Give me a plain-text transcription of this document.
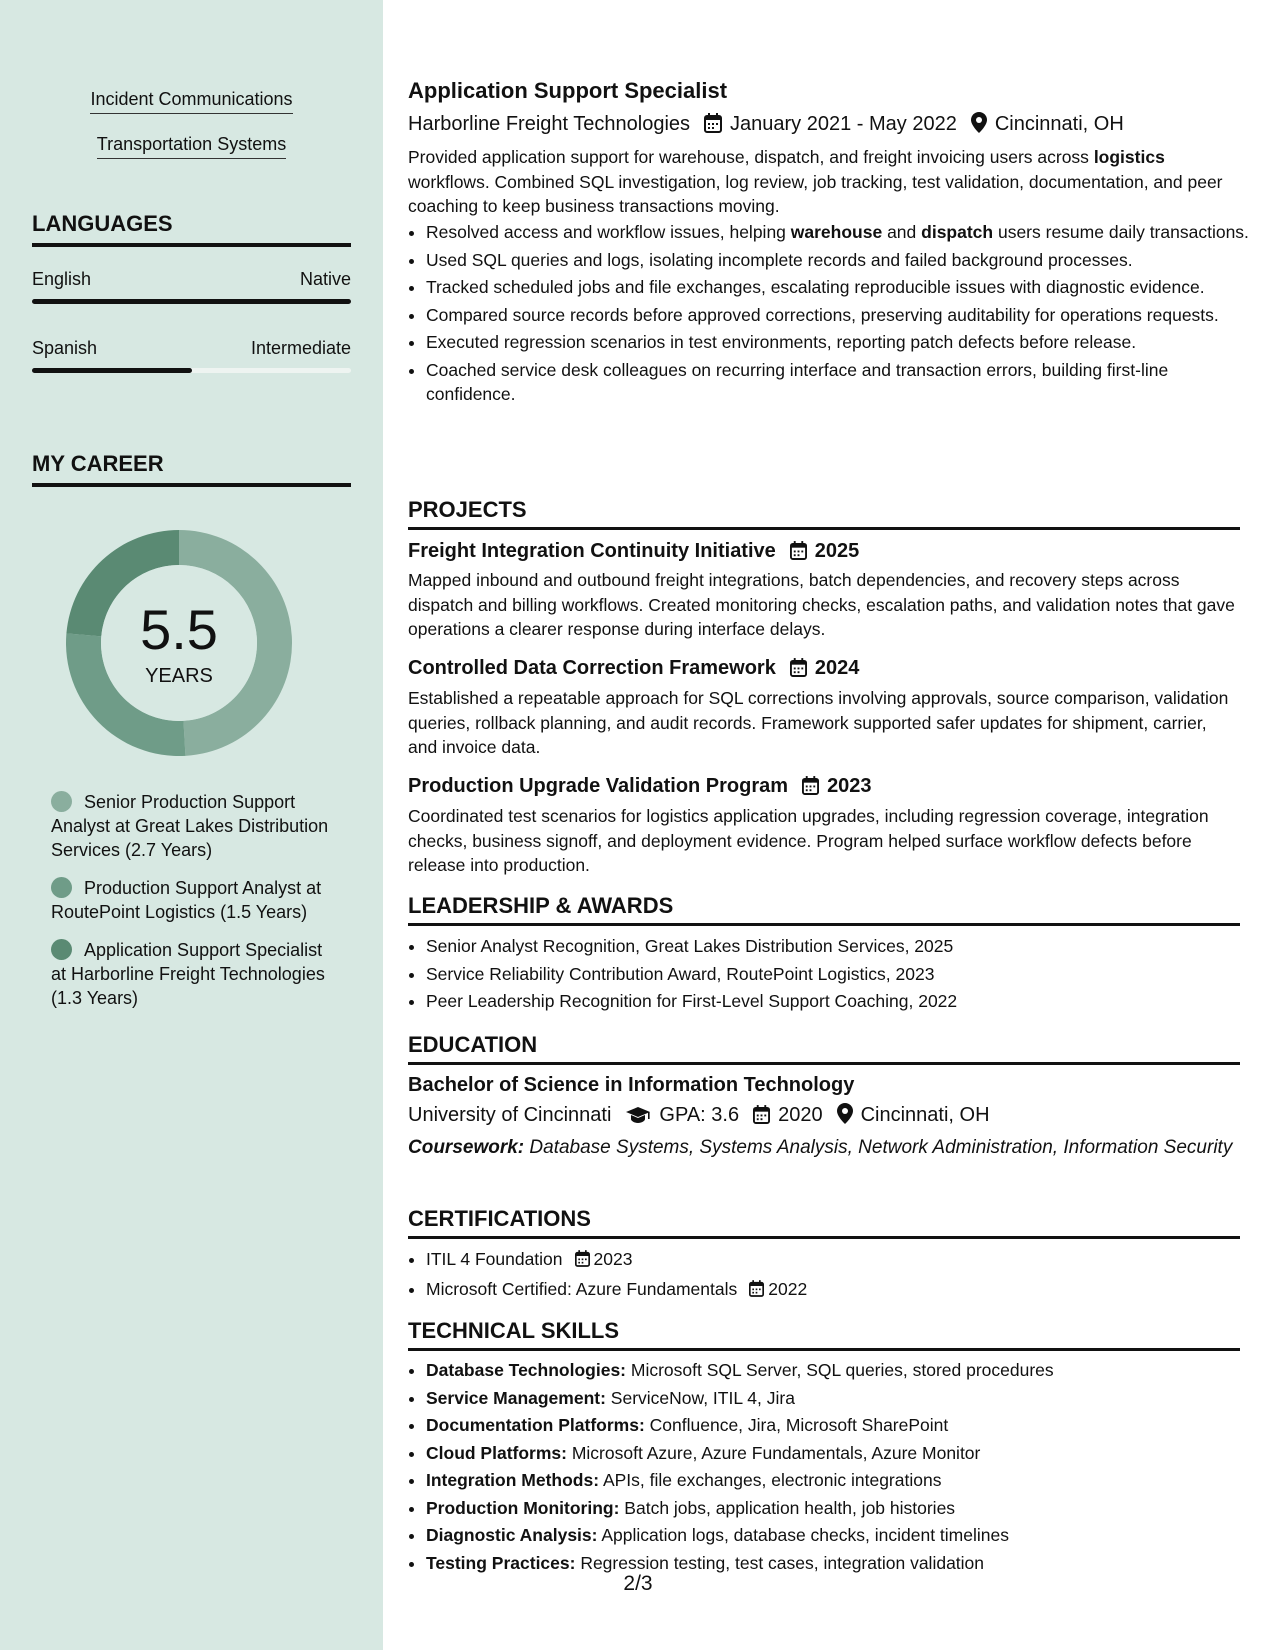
Incident Communications
Transportation Systems
LANGUAGES
English	Native
Spanish	Intermediate
MY CAREER
5.5
YEARS
Senior Production Support Analyst at Great Lakes Distribution Services (2.7 Years)
Production Support Analyst at RoutePoint Logistics (1.5 Years)
Application Support Specialist at Harborline Freight Technologies (1.3 Years)
Application Support Specialist
Harborline Freight Technologies January 2021 - May 2022 Cincinnati, OH

Provided application support for warehouse, dispatch, and freight invoicing users across logistics workflows. Combined SQL investigation, log review, job tracking, test validation, documentation, and peer coaching to keep business transactions moving.

• Resolved access and workflow issues, helping warehouse and dispatch users resume daily transactions.
• Used SQL queries and logs, isolating incomplete records and failed background processes.
• Tracked scheduled jobs and file exchanges, escalating reproducible issues with diagnostic evidence.
• Compared source records before approved corrections, preserving auditability for operations requests.
• Executed regression scenarios in test environments, reporting patch defects before release.
• Coached service desk colleagues on recurring interface and transaction errors, building first-line confidence.
PROJECTS
Freight Integration Continuity Initiative 2025

Mapped inbound and outbound freight integrations, batch dependencies, and recovery steps across dispatch and billing workflows. Created monitoring checks, escalation paths, and validation notes that gave operations a clearer response during interface delays.

Controlled Data Correction Framework 2024

Established a repeatable approach for SQL corrections involving approvals, source comparison, validation queries, rollback planning, and audit records. Framework supported safer updates for shipment, carrier, and invoice data.

Production Upgrade Validation Program 2023

Coordinated test scenarios for logistics application upgrades, including regression coverage, integration checks, business signoff, and deployment evidence. Program helped surface workflow defects before release into production.

LEADERSHIP & AWARDS
• Senior Analyst Recognition, Great Lakes Distribution Services, 2025
• Service Reliability Contribution Award, RoutePoint Logistics, 2023
• Peer Leadership Recognition for First-Level Support Coaching, 2022
EDUCATION
Bachelor of Science in Information Technology
University of Cincinnati GPA: 3.6 2020 Cincinnati, OH
Coursework: Database Systems, Systems Analysis, Network Administration, Information Security
CERTIFICATIONS
• ITIL 4 Foundation 2023
• Microsoft Certified: Azure Fundamentals 2022
TECHNICAL SKILLS
• Database Technologies: Microsoft SQL Server, SQL queries, stored procedures
• Service Management: ServiceNow, ITIL 4, Jira
• Documentation Platforms: Confluence, Jira, Microsoft SharePoint
• Cloud Platforms: Microsoft Azure, Azure Fundamentals, Azure Monitor
• Integration Methods: APIs, file exchanges, electronic integrations
• Production Monitoring: Batch jobs, application health, job histories
• Diagnostic Analysis: Application logs, database checks, incident timelines
• Testing Practices: Regression testing, test cases, integration validation
2/3
